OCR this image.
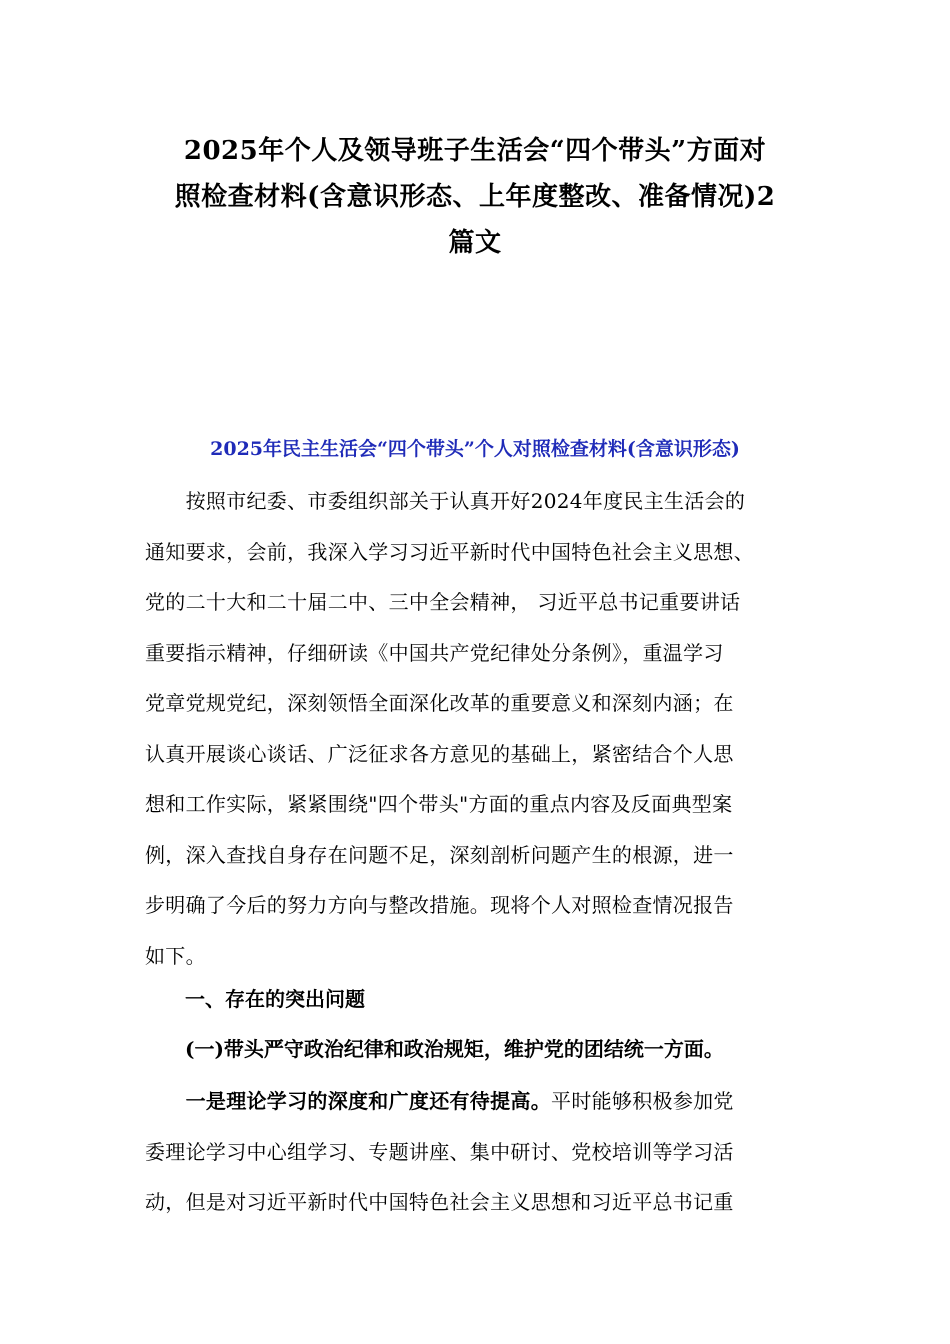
2025年个人及领导班子生活会“四个带头”方面对
照检查材料(含意识形态、上年度整改、准备情况)2
篇文
2025年民主生活会“四个带头”个人对照检查材料(含意识形态)
　　按照市纪委、市委组织部关于认真开好2024年度民主生活会的
通知要求，会前，我深入学习习近平新时代中国特色社会主义思想、
党的二十大和二十届二中、三中全会精神， 习近平总书记重要讲话
重要指示精神，仔细研读《中国共产党纪律处分条例》，重温学习
党章党规党纪，深刻领悟全面深化改革的重要意义和深刻内涵；在
认真开展谈心谈话、广泛征求各方意见的基础上，紧密结合个人思
想和工作实际，紧紧围绕"四个带头"方面的重点内容及反面典型案
例，深入查找自身存在问题不足，深刻剖析问题产生的根源，进一
步明确了今后的努力方向与整改措施。现将个人对照检查情况报告
如下。
一、存在的突出问题
(一)带头严守政治纪律和政治规矩，维护党的团结统一方面。
　　一是理论学习的深度和广度还有待提高。平时能够积极参加党
委理论学习中心组学习、专题讲座、集中研讨、党校培训等学习活
动，但是对习近平新时代中国特色社会主义思想和习近平总书记重
